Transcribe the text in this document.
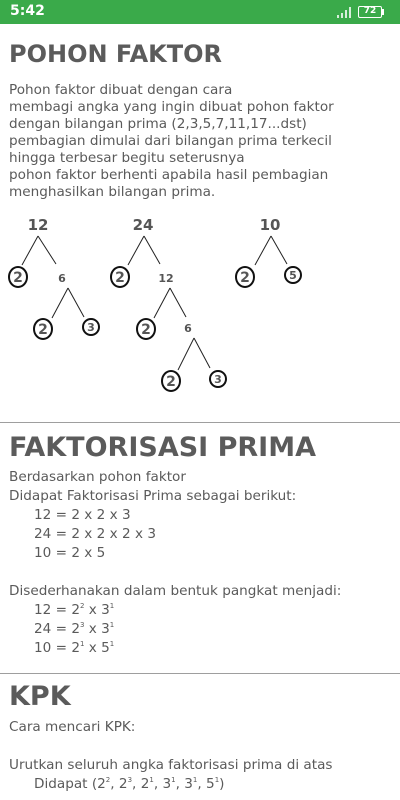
5:42	72
POHON FAKTOR
Pohon faktor dibuat dengan cara
membagi angka yang ingin dibuat pohon faktor
dengan bilangan prima (2,3,5,7,11,17...dst)
pembagian dimulai dari bilangan prima terkecil
hingga terbesar begitu seterusnya
pohon faktor berhenti apabila hasil pembagian
menghasilkan bilangan prima.
12
2	6
2	3
24
2	12
2	6
2	3
10
2	5
FAKTORISASI PRIMA
Berdasarkan pohon faktor
Didapat Faktorisasi Prima sebagai berikut:
12 = 2 x 2 x 3
24 = 2 x 2 x 2 x 3
10 = 2 x 5
Disederhanakan dalam bentuk pangkat menjadi:
$12 = 2^2$ x $3^1$
$24 = 2^3$ x $3^1$
$10 = 2^1$ x $5^1$
KPK
Cara mencari KPK:
Urutkan seluruh angka faktorisasi prima di atas
Didapat ($2^2$, $2^3$, $2^1$, $3^1$, $3^1$, $5^1$)
